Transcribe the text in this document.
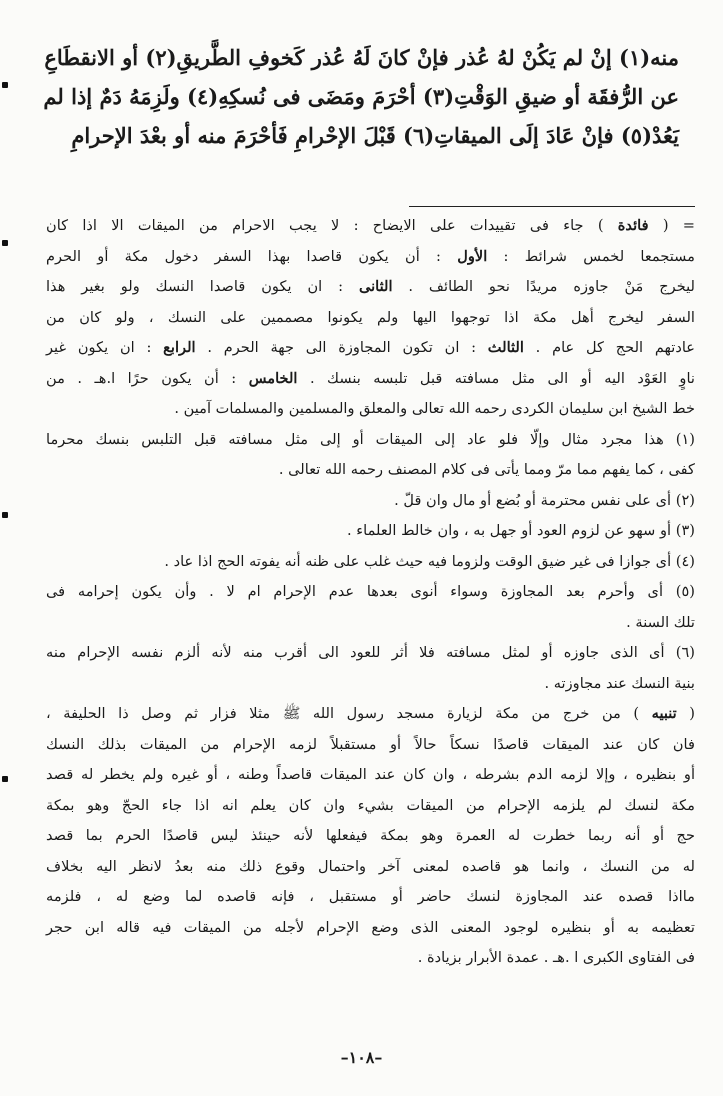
منه(١) إنْ لم يَكُنْ لهُ عُذر فإنْ كانَ لَهُ عُذر كَخوفِ الطَّريقِ(٢) أو الانقطَاعِ
عن الرُّفقَة أو ضيقِ الوَقْتِ(٣) أحْرَمَ ومَضَى فى نُسكِهِ(٤) ولَزِمَهُ دَمٌ إذا لم
يَعُدْ(٥) فإنْ عَادَ إلَى الميقاتِ(٦) قَبْلَ الإحْرامِ فَأحْرَمَ منه أو بعْدَ الإحرامِ
= ( فائدة ) جاء فى تقييدات على الايضاح : لا يجب الاحرام من الميقات الا اذا كان
مستجمعا لخمس شرائط : الأول : أن يكون قاصدا بهذا السفر دخول مكة أو الحرم
ليخرج مَنْ جاوزه مريدًا نحو الطائف . الثانى : ان يكون قاصدا النسك ولو بغير هذا
السفر ليخرج أهل مكة اذا توجهوا اليها ولم يكونوا مصممين على النسك ، ولو كان من
عادتهم الحج كل عام . الثالث : ان تكون المجاوزة الى جهة الحرم . الرابع : ان يكون غير
ناوٍ العَوْد اليه أو الى مثل مسافته قبل تلبسه بنسك . الخامس : أن يكون حرًا ا.هـ . من
خط الشيخ ابن سليمان الكردى رحمه الله تعالى والمعلق والمسلمين والمسلمات آمين .
(١) هذا مجرد مثال وإلّا فلو عاد إلى الميقات أو إلى مثل مسافته قبل التلبس بنسك محرما
كفى ، كما يفهم مما مرّ ومما يأتى فى كلام المصنف رحمه الله تعالى .
(٢) أى على نفس محترمة أو بُضع أو مال وان قلّ .
(٣) أو سهو عن لزوم العود أو جهل به ، وان خالط العلماء .
(٤) أى جوازا فى غير ضيق الوقت ولزوما فيه حيث غلب على ظنه أنه يفوته الحج اذا عاد .
(٥) أى وأحرم بعد المجاوزة وسواء أنوى بعدها عدم الإحرام ام لا . وأن يكون إحرامه فى
تلك السنة .
(٦) أى الذى جاوزه أو لمثل مسافته فلا أثر للعود الى أقرب منه لأنه ألزم نفسه الإحرام منه
بنية النسك عند مجاوزته .
( تنبيه ) من خرج من مكة لزيارة مسجد رسول الله ﷺ مثلا فزار ثم وصل ذا الحليفة ،
فان كان عند الميقات قاصدًا نسكاً حالاً أو مستقبلاً لزمه الإحرام من الميقات بذلك النسك
أو بنظيره ، وإلا لزمه الدم بشرطه ، وان كان عند الميقات قاصداً وطنه ، أو غيره ولم يخطر له قصد
مكة لنسك لم يلزمه الإحرام من الميقات بشيء وان كان يعلم انه اذا جاء الحجّ وهو بمكة
حج أو أنه ربما خطرت له العمرة وهو بمكة فيفعلها لأنه حينئذ ليس قاصدًا الحرم بما قصد
له من النسك ، وانما هو قاصده لمعنى آخر واحتمال وقوع ذلك منه بعدُ لانظر اليه بخلاف
مااذا قصده عند المجاوزة لنسك حاضر أو مستقبل ، فإنه قاصده لما وضع له ، فلزمه
تعظيمه به أو بنظيره لوجود المعنى الذى وضع الإحرام لأجله من الميقات فيه قاله ابن حجر
فى الفتاوى الكبرى ا .هـ . عمدة الأبرار بزيادة .
–١٠٨–
